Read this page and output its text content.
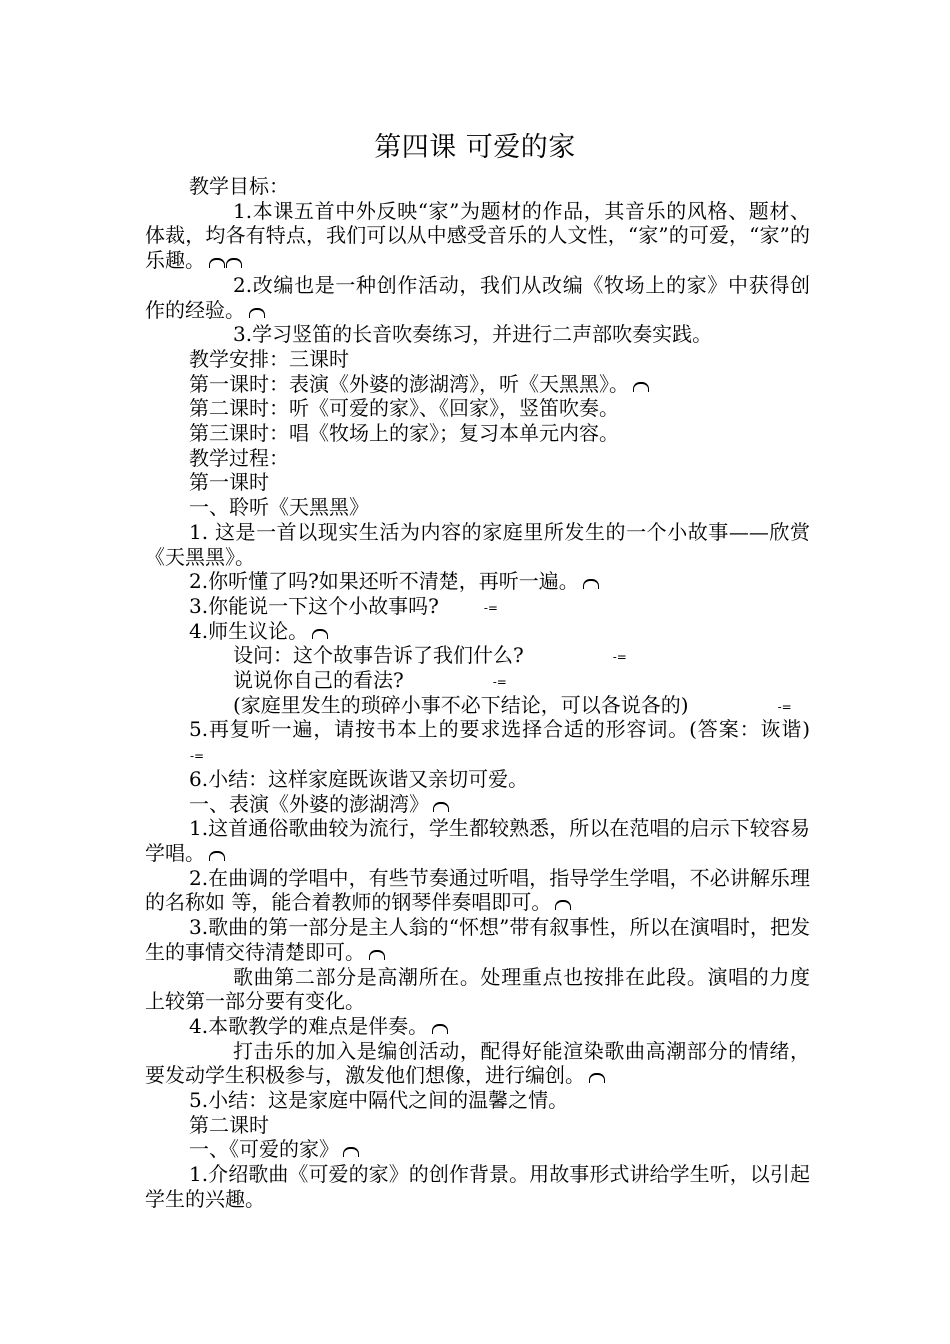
第四课 可爱的家
教学目标：
1.本课五首中外反映“家”为题材的作品，其音乐的风格、题材、体裁，均各有特点，我们可以从中感受音乐的人文性，“家”的可爱，“家”的乐趣。
2.改编也是一种创作活动，我们从改编《牧场上的家》中获得创作的经验。
3.学习竖笛的长音吹奏练习，并进行二声部吹奏实践。
教学安排：三课时
第一课时：表演《外婆的澎湖湾》，听《天黑黑》。
第二课时：听《可爱的家》、《回家》，竖笛吹奏。
第三课时：唱《牧场上的家》；复习本单元内容。
教学过程：
第一课时
一、聆听《天黑黑》
1. 这是一首以现实生活为内容的家庭里所发生的一个小故事——欣赏《天黑黑》。
2.你听懂了吗?如果还听不清楚，再听一遍。
3.你能说一下这个小故事吗?	-=
4.师生议论。
设问：这个故事告诉了我们什么?	-=
说说你自己的看法?	-=
(家庭里发生的琐碎小事不必下结论，可以各说各的)	-=
5.再复听一遍，请按书本上的要求选择合适的形容词。(答案：诙谐)-=
6.小结：这样家庭既诙谐又亲切可爱。
一、表演《外婆的澎湖湾》
1.这首通俗歌曲较为流行，学生都较熟悉，所以在范唱的启示下较容易学唱。
2.在曲调的学唱中，有些节奏通过听唱，指导学生学唱，不必讲解乐理的名称如 等，能合着教师的钢琴伴奏唱即可。
3.歌曲的第一部分是主人翁的“怀想”带有叙事性，所以在演唱时，把发生的事情交待清楚即可。
歌曲第二部分是高潮所在。处理重点也按排在此段。演唱的力度上较第一部分要有变化。
4.本歌教学的难点是伴奏。
打击乐的加入是编创活动，配得好能渲染歌曲高潮部分的情绪，要发动学生积极参与，激发他们想像，进行编创。
5.小结：这是家庭中隔代之间的温馨之情。
第二课时
一、《可爱的家》
1.介绍歌曲《可爱的家》的创作背景。用故事形式讲给学生听，以引起学生的兴趣。
